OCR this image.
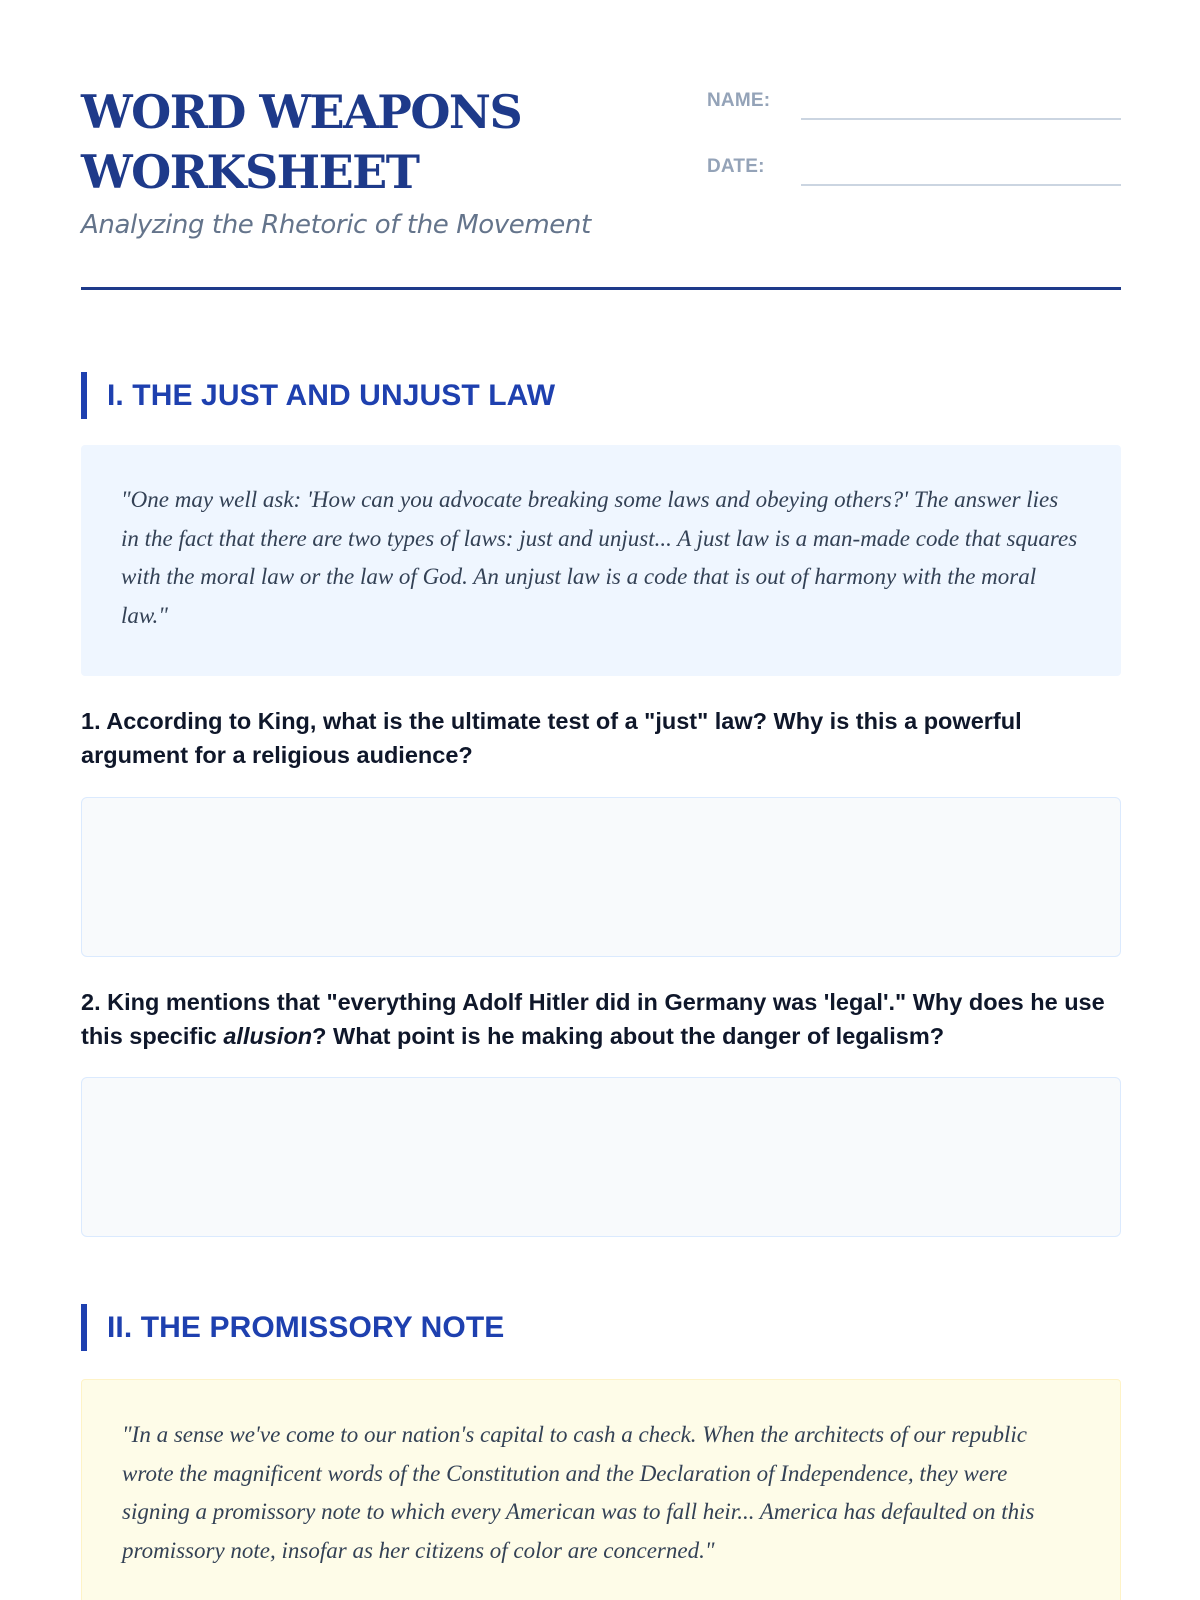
WORD WEAPONS
WORKSHEET

Analyzing the Rhetoric of the Movement

NAME:
DATE:
I. THE JUST AND UNJUST LAW

"One may well ask: 'How can you advocate breaking some laws and obeying others?' The answer lies in the fact that there are two types of laws: just and unjust... A just law is a man-made code that squares with the moral law or the law of God. An unjust law is a code that is out of harmony with the moral law."

1. According to King, what is the ultimate test of a "just" law? Why is this a powerful argument for a religious audience?

2. King mentions that "everything Adolf Hitler did in Germany was 'legal'." Why does he use this specific allusion? What point is he making about the danger of legalism?

II. THE PROMISSORY NOTE

"In a sense we've come to our nation's capital to cash a check. When the architects of our republic wrote the magnificent words of the Constitution and the Declaration of Independence, they were signing a promissory note to which every American was to fall heir... America has defaulted on this promissory note, insofar as her citizens of color are concerned."
